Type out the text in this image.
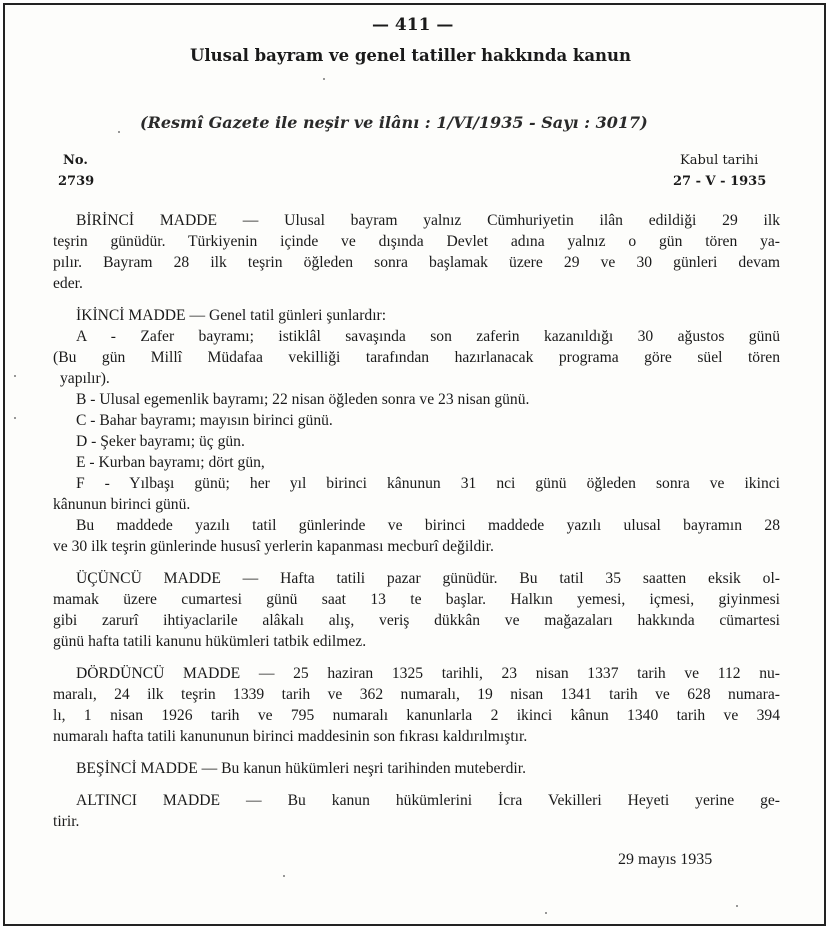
— 411 —
Ulusal bayram ve genel tatiller hakkında kanun
(Resmî Gazete ile neşir ve ilânı : 1/VI/1935 - Sayı : 3017)
No.
2739
Kabul tarihi
27 - V - 1935
BİRİNCİ MADDE — Ulusal bayram yalnız Cümhuriyetin ilân edildiği 29 ilk
teşrin günüdür. Türkiyenin içinde ve dışında Devlet adına yalnız o gün tören ya-
pılır. Bayram 28 ilk teşrin öğleden sonra başlamak üzere 29 ve 30 günleri devam
eder.
İKİNCİ MADDE — Genel tatil günleri şunlardır:
A - Zafer bayramı; istiklâl savaşında son zaferin kazanıldığı 30 ağustos günü
(Bu gün Millî Müdafaa vekilliği tarafından hazırlanacak programa göre süel tören
yapılır).
B - Ulusal egemenlik bayramı; 22 nisan öğleden sonra ve 23 nisan günü.
C - Bahar bayramı; mayısın birinci günü.
D - Şeker bayramı; üç gün.
E - Kurban bayramı; dört gün,
F - Yılbaşı günü; her yıl birinci kânunun 31 nci günü öğleden sonra ve ikinci
kânunun birinci günü.
Bu maddede yazılı tatil günlerinde ve birinci maddede yazılı ulusal bayramın 28
ve 30 ilk teşrin günlerinde hususî yerlerin kapanması mecburî değildir.
ÜÇÜNCÜ MADDE — Hafta tatili pazar günüdür. Bu tatil 35 saatten eksik ol-
mamak üzere cumartesi günü saat 13 te başlar. Halkın yemesi, içmesi, giyinmesi
gibi zarurî ihtiyaclarile alâkalı alış, veriş dükkân ve mağazaları hakkında cümartesi
günü hafta tatili kanunu hükümleri tatbik edilmez.
DÖRDÜNCÜ MADDE — 25 haziran 1325 tarihli, 23 nisan 1337 tarih ve 112 nu-
maralı, 24 ilk teşrin 1339 tarih ve 362 numaralı, 19 nisan 1341 tarih ve 628 numara-
lı, 1 nisan 1926 tarih ve 795 numaralı kanunlarla 2 ikinci kânun 1340 tarih ve 394
numaralı hafta tatili kanununun birinci maddesinin son fıkrası kaldırılmıştır.
BEŞİNCİ MADDE — Bu kanun hükümleri neşri tarihinden muteberdir.
ALTINCI MADDE — Bu kanun hükümlerini İcra Vekilleri Heyeti yerine ge-
tirir.
29 mayıs 1935
